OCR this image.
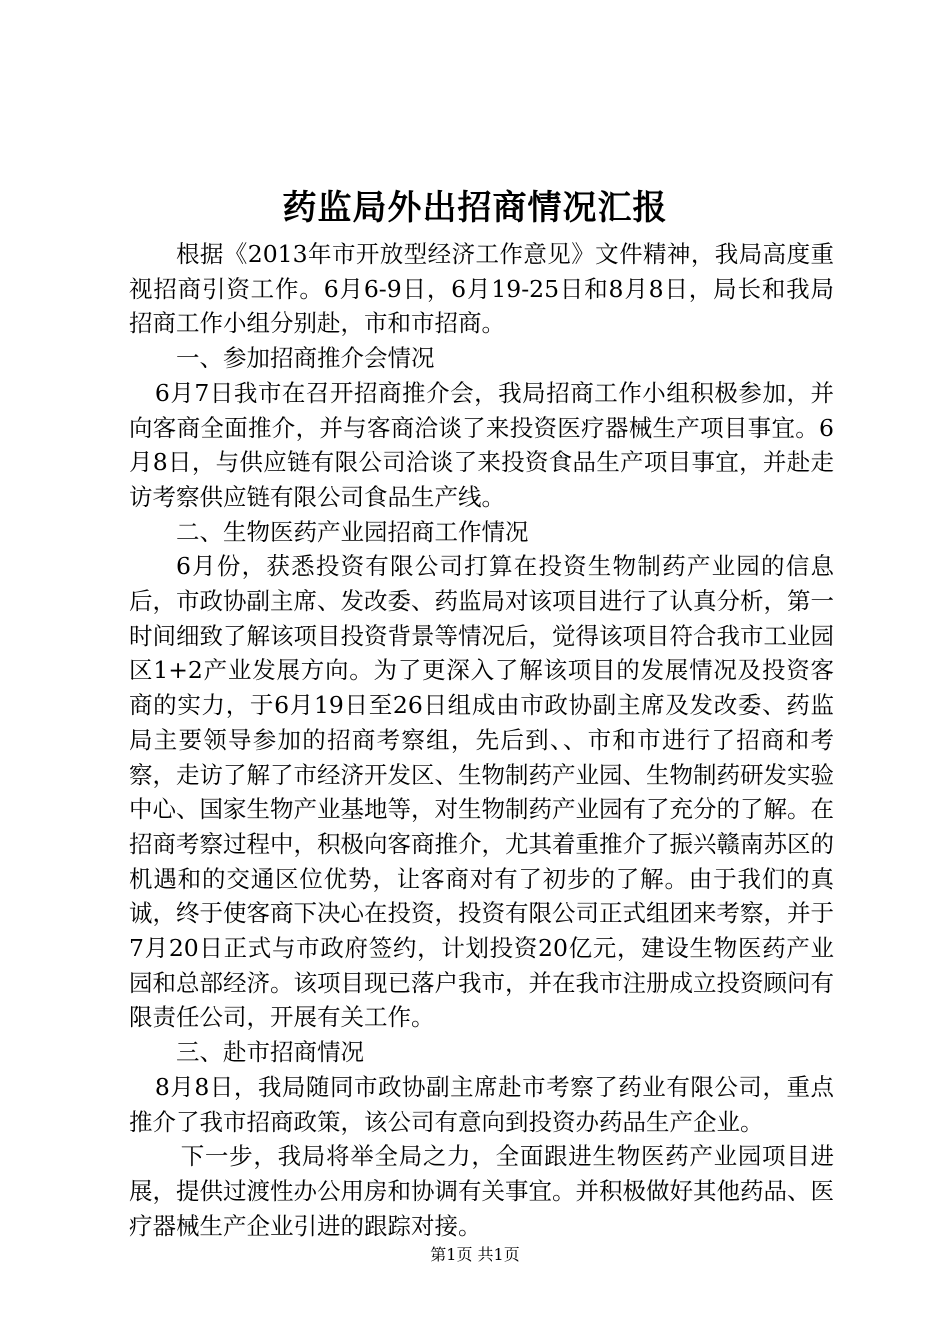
药监局外出招商情况汇报

根据《2013年市开放型经济工作意见》文件精神，我局高度重视招商引资工作。6月6-9日，6月19-25日和8月8日，局长和我局招商工作小组分别赴，市和市招商。

一、参加招商推介会情况

6月7日我市在召开招商推介会，我局招商工作小组积极参加，并向客商全面推介，并与客商洽谈了来投资医疗器械生产项目事宜。6月8日，与供应链有限公司洽谈了来投资食品生产项目事宜，并赴走访考察供应链有限公司食品生产线。

二、生物医药产业园招商工作情况

6月份，获悉投资有限公司打算在投资生物制药产业园的信息后，市政协副主席、发改委、药监局对该项目进行了认真分析，第一时间细致了解该项目投资背景等情况后，觉得该项目符合我市工业园区1+2产业发展方向。为了更深入了解该项目的发展情况及投资客商的实力，于6月19日至26日组成由市政协副主席及发改委、药监局主要领导参加的招商考察组，先后到、、市和市进行了招商和考察，走访了解了市经济开发区、生物制药产业园、生物制药研发实验中心、国家生物产业基地等，对生物制药产业园有了充分的了解。在招商考察过程中，积极向客商推介，尤其着重推介了振兴赣南苏区的机遇和的交通区位优势，让客商对有了初步的了解。由于我们的真诚，终于使客商下决心在投资，投资有限公司正式组团来考察，并于7月20日正式与市政府签约，计划投资20亿元，建设生物医药产业园和总部经济。该项目现已落户我市，并在我市注册成立投资顾问有限责任公司，开展有关工作。

三、赴市招商情况

8月8日，我局随同市政协副主席赴市考察了药业有限公司，重点推介了我市招商政策，该公司有意向到投资办药品生产企业。

下一步，我局将举全局之力，全面跟进生物医药产业园项目进展，提供过渡性办公用房和协调有关事宜。并积极做好其他药品、医疗器械生产企业引进的跟踪对接。

第1页 共1页
